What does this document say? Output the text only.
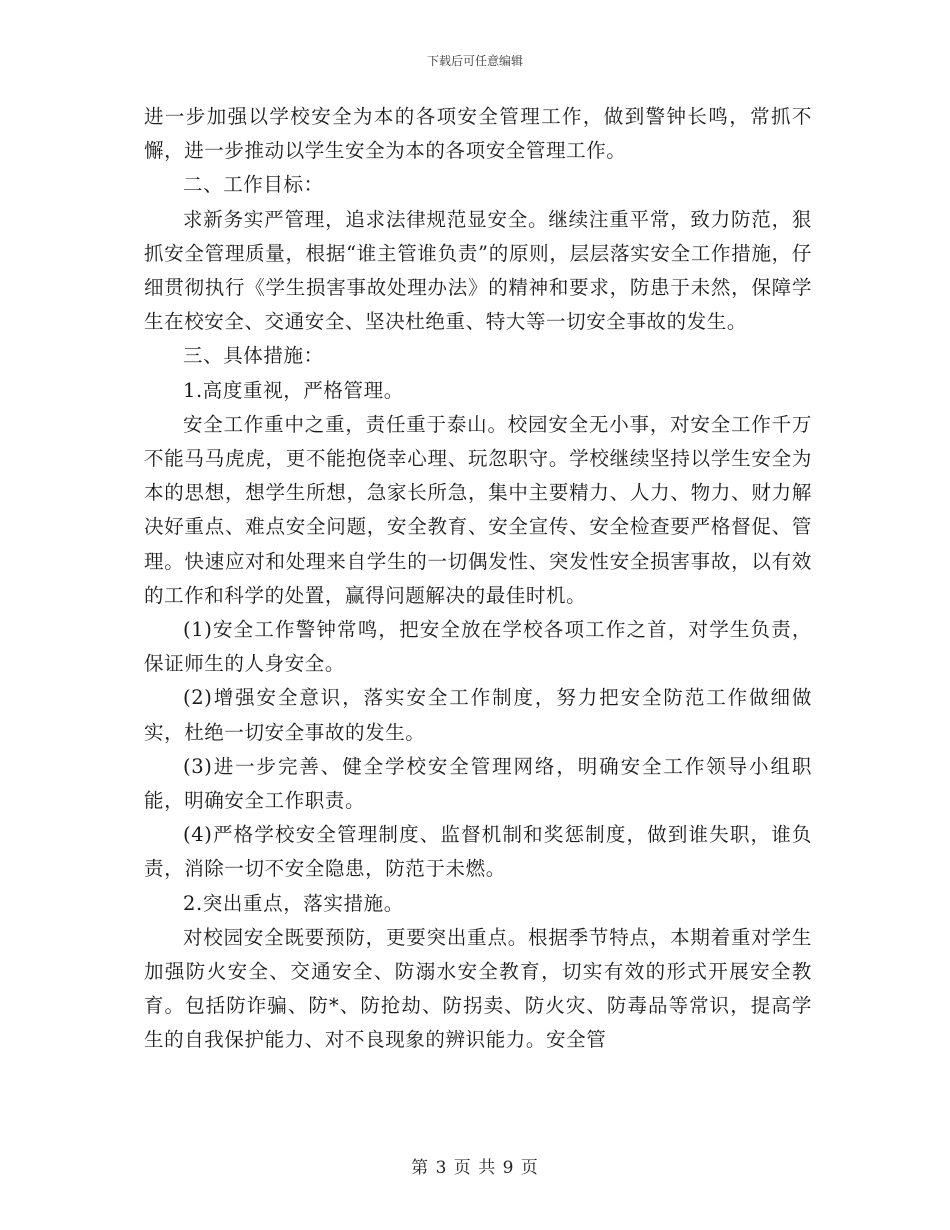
下载后可任意编辑

进一步加强以学校安全为本的各项安全管理工作，做到警钟长鸣，常抓不懈，进一步推动以学生安全为本的各项安全管理工作。

二、工作目标：

求新务实严管理，追求法律规范显安全。继续注重平常，致力防范，狠抓安全管理质量，根据“谁主管谁负责”的原则，层层落实安全工作措施，仔细贯彻执行《学生损害事故处理办法》的精神和要求，防患于未然，保障学生在校安全、交通安全、坚决杜绝重、特大等一切安全事故的发生。

三、具体措施：

1.高度重视，严格管理。

安全工作重中之重，责任重于泰山。校园安全无小事，对安全工作千万不能马马虎虎，更不能抱侥幸心理、玩忽职守。学校继续坚持以学生安全为本的思想，想学生所想，急家长所急，集中主要精力、人力、物力、财力解决好重点、难点安全问题，安全教育、安全宣传、安全检查要严格督促、管理。快速应对和处理来自学生的一切偶发性、突发性安全损害事故，以有效的工作和科学的处置，赢得问题解决的最佳时机。

(1)安全工作警钟常鸣，把安全放在学校各项工作之首，对学生负责，保证师生的人身安全。

(2)增强安全意识，落实安全工作制度，努力把安全防范工作做细做实，杜绝一切安全事故的发生。

(3)进一步完善、健全学校安全管理网络，明确安全工作领导小组职能，明确安全工作职责。

(4)严格学校安全管理制度、监督机制和奖惩制度，做到谁失职，谁负责，消除一切不安全隐患，防范于未燃。

2.突出重点，落实措施。

对校园安全既要预防，更要突出重点。根据季节特点，本期着重对学生加强防火安全、交通安全、防溺水安全教育，切实有效的形式开展安全教育。包括防诈骗、防*、防抢劫、防拐卖、防火灾、防毒品等常识，提高学生的自我保护能力、对不良现象的辨识能力。安全管

第 3 页 共 9 页
